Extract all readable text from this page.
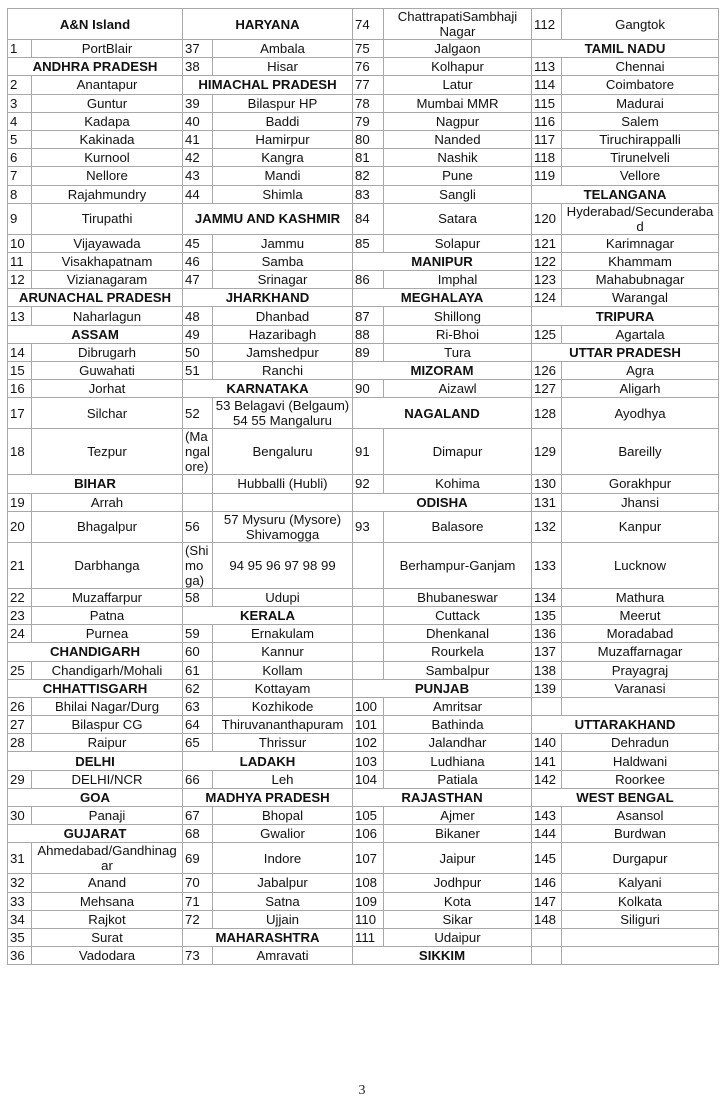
A&N Island		HARYANA		74	ChattrapatiSambhaji Nagar	112	Gangtok
1	PortBlair	37	Ambala	75	Jalgaon	TAMIL NADU	
ANDHRA PRADESH		38	Hisar	76	Kolhapur	113	Chennai
2	Anantapur	HIMACHAL PRADESH		77	Latur	114	Coimbatore
3	Guntur	39	Bilaspur HP	78	Mumbai MMR	115	Madurai
4	Kadapa	40	Baddi	79	Nagpur	116	Salem
5	Kakinada	41	Hamirpur	80	Nanded	117	Tiruchirappalli
6	Kurnool	42	Kangra	81	Nashik	118	Tirunelveli
7	Nellore	43	Mandi	82	Pune	119	Vellore
8	Rajahmundry	44	Shimla	83	Sangli	TELANGANA	
9	Tirupathi	JAMMU AND KASHMIR		84	Satara	120	Hyderabad/Secunderabad
10	Vijayawada	45	Jammu	85	Solapur	121	Karimnagar
11	Visakhapatnam	46	Samba	MANIPUR		122	Khammam
12	Vizianagaram	47	Srinagar	86	Imphal	123	Mahabubnagar
ARUNACHAL PRADESH		JHARKHAND		MEGHALAYA		124	Warangal
13	Naharlagun	48	Dhanbad	87	Shillong	TRIPURA	
ASSAM		49	Hazaribagh	88	Ri-Bhoi	125	Agartala
14	Dibrugarh	50	Jamshedpur	89	Tura	UTTAR PRADESH	
15	Guwahati	51	Ranchi	MIZORAM		126	Agra
16	Jorhat	KARNATAKA		90	Aizawl	127	Aligarh
17	Silchar	52	53 Belagavi (Belgaum) 54 55 Mangaluru	NAGALAND		128	Ayodhya
18	Tezpur	(Mangalore)	Bengaluru	91	Dimapur	129	Bareilly
BIHAR			Hubballi (Hubli)	92	Kohima	130	Gorakhpur
19	Arrah			ODISHA		131	Jhansi
20	Bhagalpur	56	57 Mysuru (Mysore) Shivamogga	93	Balasore	132	Kanpur
21	Darbhanga	(Shimoga)	94 95 96 97 98 99		Berhampur-Ganjam	133	Lucknow
22	Muzaffarpur	58	Udupi		Bhubaneswar	134	Mathura
23	Patna	KERALA			Cuttack	135	Meerut
24	Purnea	59	Ernakulam		Dhenkanal	136	Moradabad
CHANDIGARH		60	Kannur		Rourkela	137	Muzaffarnagar
25	Chandigarh/Mohali	61	Kollam		Sambalpur	138	Prayagraj
CHHATTISGARH		62	Kottayam	PUNJAB		139	Varanasi
26	Bhilai Nagar/Durg	63	Kozhikode	100	Amritsar		
27	Bilaspur CG	64	Thiruvananthapuram	101	Bathinda	UTTARAKHAND	
28	Raipur	65	Thrissur	102	Jalandhar	140	Dehradun
DELHI		LADAKH		103	Ludhiana	141	Haldwani
29	DELHI/NCR	66	Leh	104	Patiala	142	Roorkee
GOA		MADHYA PRADESH		RAJASTHAN		WEST BENGAL	
30	Panaji	67	Bhopal	105	Ajmer	143	Asansol
GUJARAT		68	Gwalior	106	Bikaner	144	Burdwan
31	Ahmedabad/Gandhinagar	69	Indore	107	Jaipur	145	Durgapur
32	Anand	70	Jabalpur	108	Jodhpur	146	Kalyani
33	Mehsana	71	Satna	109	Kota	147	Kolkata
34	Rajkot	72	Ujjain	110	Sikar	148	Siliguri
35	Surat	MAHARASHTRA		111	Udaipur		
36	Vadodara	73	Amravati	SIKKIM			
3
